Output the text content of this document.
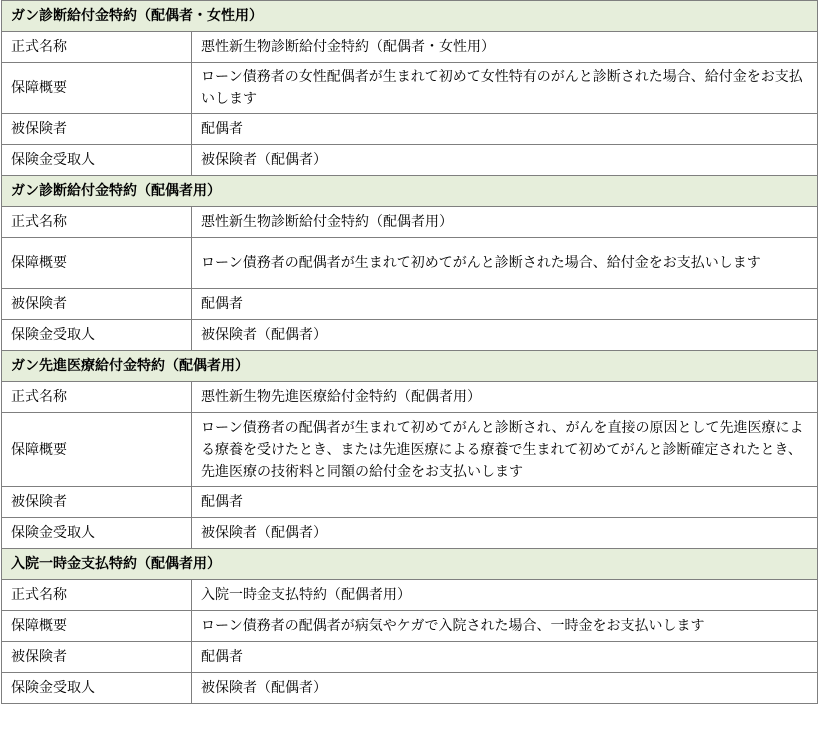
ガン診断給付金特約（配偶者・女性用）	
正式名称	悪性新生物診断給付金特約（配偶者・女性用）
保障概要	ローン債務者の女性配偶者が生まれて初めて女性特有のがんと診断された場合、給付金をお支払いします
被保険者	配偶者
保険金受取人	被保険者（配偶者）
ガン診断給付金特約（配偶者用）	
正式名称	悪性新生物診断給付金特約（配偶者用）
保障概要	ローン債務者の配偶者が生まれて初めてがんと診断された場合、給付金をお支払いします
被保険者	配偶者
保険金受取人	被保険者（配偶者）
ガン先進医療給付金特約（配偶者用）	
正式名称	悪性新生物先進医療給付金特約（配偶者用）
保障概要	ローン債務者の配偶者が生まれて初めてがんと診断され、がんを直接の原因として先進医療による療養を受けたとき、または先進医療による療養で生まれて初めてがんと診断確定されたとき、先進医療の技術料と同額の給付金をお支払いします
被保険者	配偶者
保険金受取人	被保険者（配偶者）
入院一時金支払特約（配偶者用）	
正式名称	入院一時金支払特約（配偶者用）
保障概要	ローン債務者の配偶者が病気やケガで入院された場合、一時金をお支払いします
被保険者	配偶者
保険金受取人	被保険者（配偶者）
